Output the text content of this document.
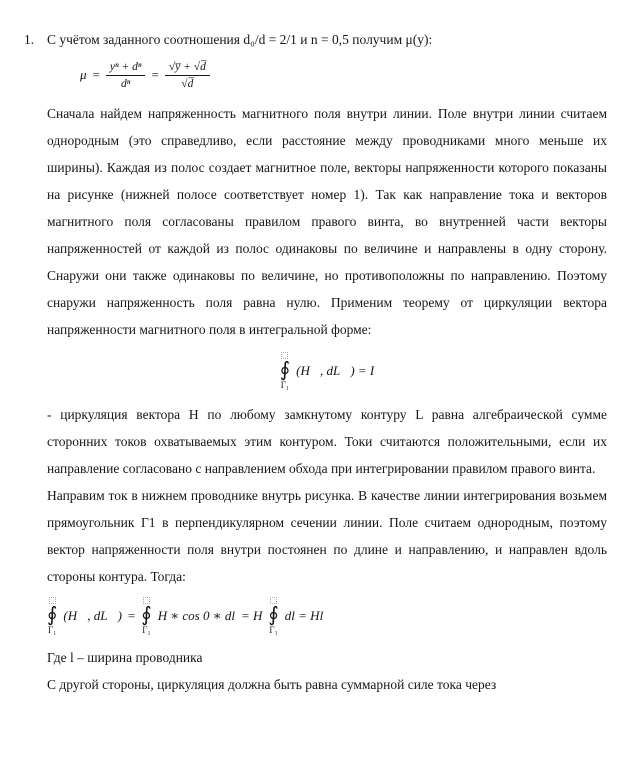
1. С учётом заданного соотношения d₀/d = 2/1 и n = 0,5 получим μ(у):
$\mu = \frac{\text{yⁿ + dⁿ}}{\text{dⁿ}} = \frac{√y̅ + √d̅}{√d̅}$
Сначала найдем напряженность магнитного поля внутри линии. Поле внутри линии считаем однородным (это справедливо, если расстояние между проводниками много меньше их ширины). Каждая из полос создает магнитное поле, векторы напряженности которого показаны на рисунке (нижней полосе соответствует номер 1). Так как направление тока и векторов магнитного поля согласованы правилом правого винта, во внутренней части векторы напряженностей от каждой из полос одинаковы по величине и направлены в одну сторону. Снаружи они также одинаковы по величине, но противоположны по направлению. Поэтому снаружи напряженность поля равна нулю. Применим теорему от циркуляции вектора напряженности магнитного поля в интегральной форме:
∮
Γ₁
(H⃗, dL⃗) = I
- циркуляция вектора H по любому замкнутому контуру L равна алгебраической сумме сторонних токов охватываемых этим контуром. Токи считаются положительными, если их направление согласовано с направлением обхода при интегрировании правилом правого винта.
Направим ток в нижнем проводнике внутрь рисунка. В качестве линии интегрирования возьмем прямоугольник Г1 в перпендикулярном сечении линии. Поле считаем однородным, поэтому вектор напряженности поля внутри постоянен по длине и направлению, и направлен вдоль стороны контура. Тогда:
∮
Γ₁
(H⃗, dL⃗) = ∮
Γ₁
H ∗ cos 0 ∗ dl = H ∮
Γ₁
dl = Hl
Где l – ширина проводника
С другой стороны, циркуляция должна быть равна суммарной силе тока через
